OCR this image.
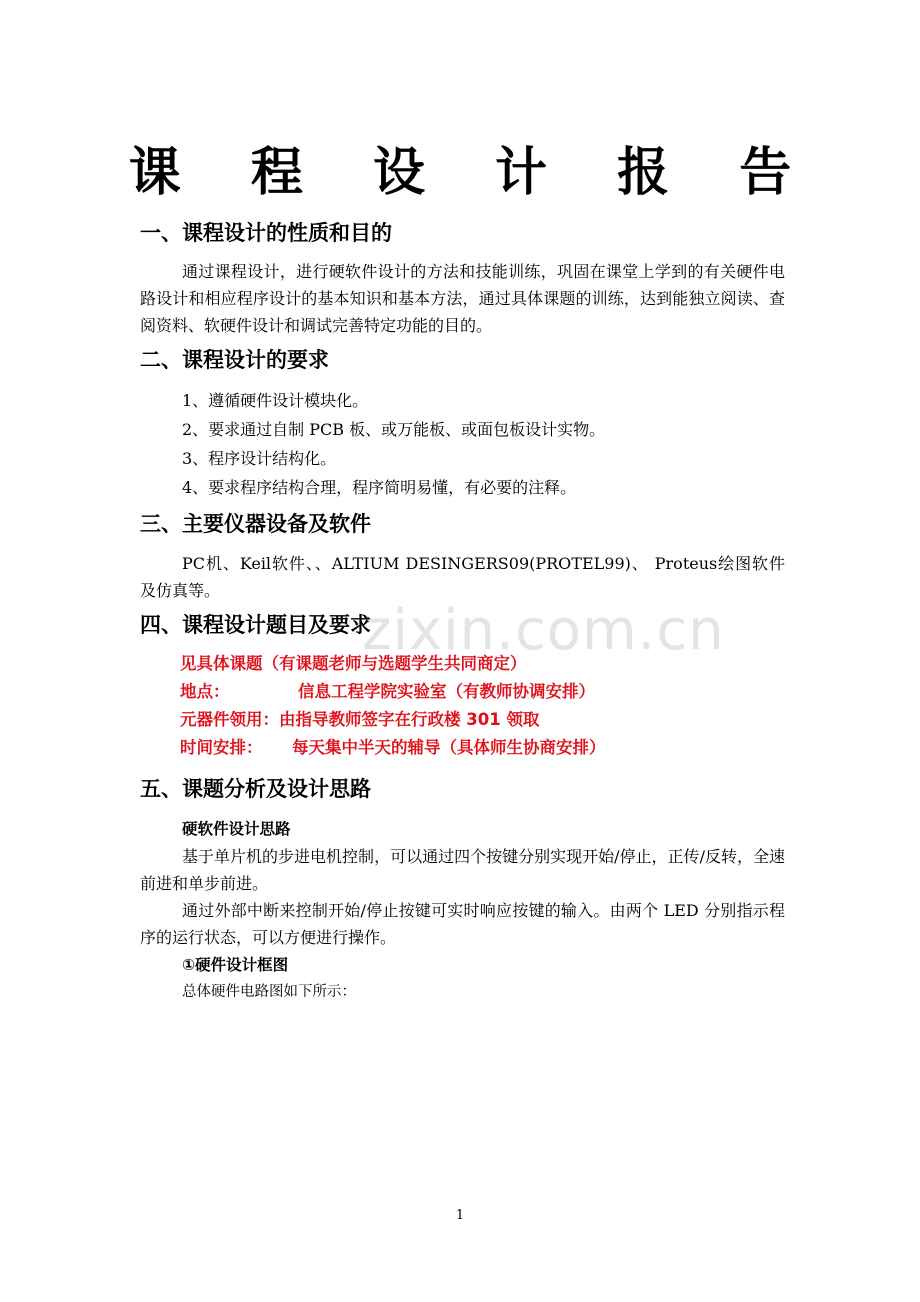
课 程 设 计 报 告
一、课程设计的性质和目的

通过课程设计，进行硬软件设计的方法和技能训练，巩固在课堂上学到的有关硬件电路设计和相应程序设计的基本知识和基本方法，通过具体课题的训练，达到能独立阅读、查阅资料、软硬件设计和调试完善特定功能的目的。

二、课程设计的要求
1、遵循硬件设计模块化。
2、要求通过自制 PCB 板、或万能板、或面包板设计实物。
3、程序设计结构化。
4、要求程序结构合理，程序简明易懂，有必要的注释。
三、主要仪器设备及软件

PC机、Keil软件、、ALTIUM DESINGERS09(PROTEL99)、 Proteus绘图软件及仿真等。

zixin.com.cn
四、课程设计题目及要求
见具体课题（有课题老师与选题学生共同商定）
地点：	信息工程学院实验室（有教师协调安排）
元器件领用：由指导教师签字在行政楼 301 领取
时间安排： 每天集中半天的辅导（具体师生协商安排）
五、课题分析及设计思路
硬软件设计思路

基于单片机的步进电机控制，可以通过四个按键分别实现开始/停止，正传/反转，全速前进和单步前进。

通过外部中断来控制开始/停止按键可实时响应按键的输入。由两个 LED 分别指示程序的运行状态，可以方便进行操作。

①硬件设计框图
总体硬件电路图如下所示：
1
